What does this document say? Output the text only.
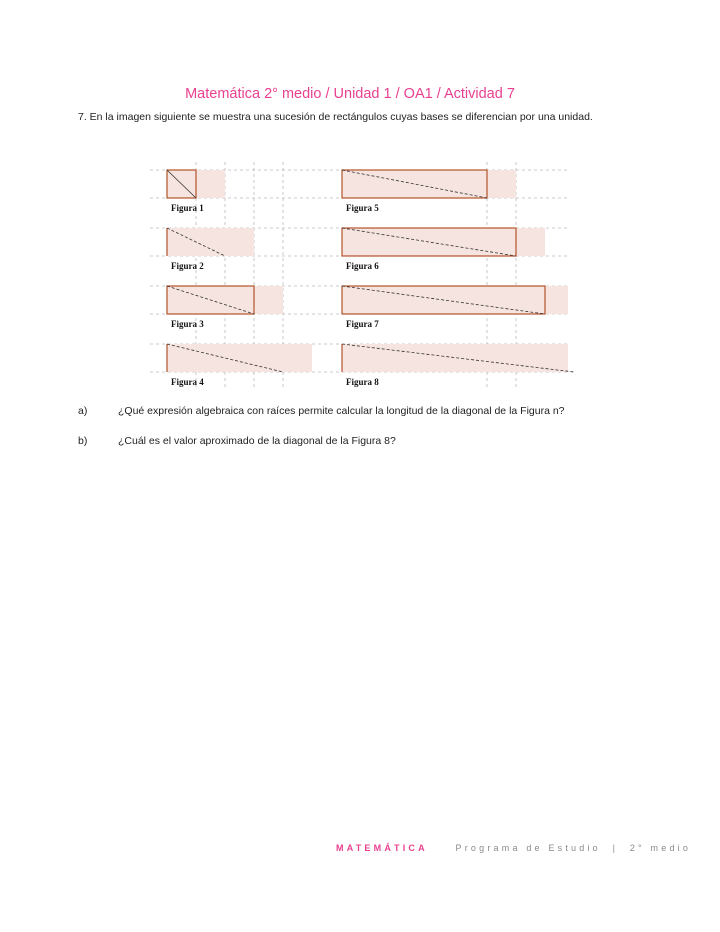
Matemática 2° medio / Unidad 1 / OA1 / Actividad 7
7. En la imagen siguiente se muestra una sucesión de rectángulos cuyas bases se diferencian por una unidad.
Figura 1
Figura 2
Figura 3
Figura 4
Figura 5
Figura 6
Figura 7
Figura 8
a)	¿Qué expresión algebraica con raíces permite calcular la longitud de la diagonal de la Figura n?
b)	¿Cuál es el valor aproximado de la diagonal de la Figura 8?
MATEMÁTICA	Programa de Estudio | 2° medio
